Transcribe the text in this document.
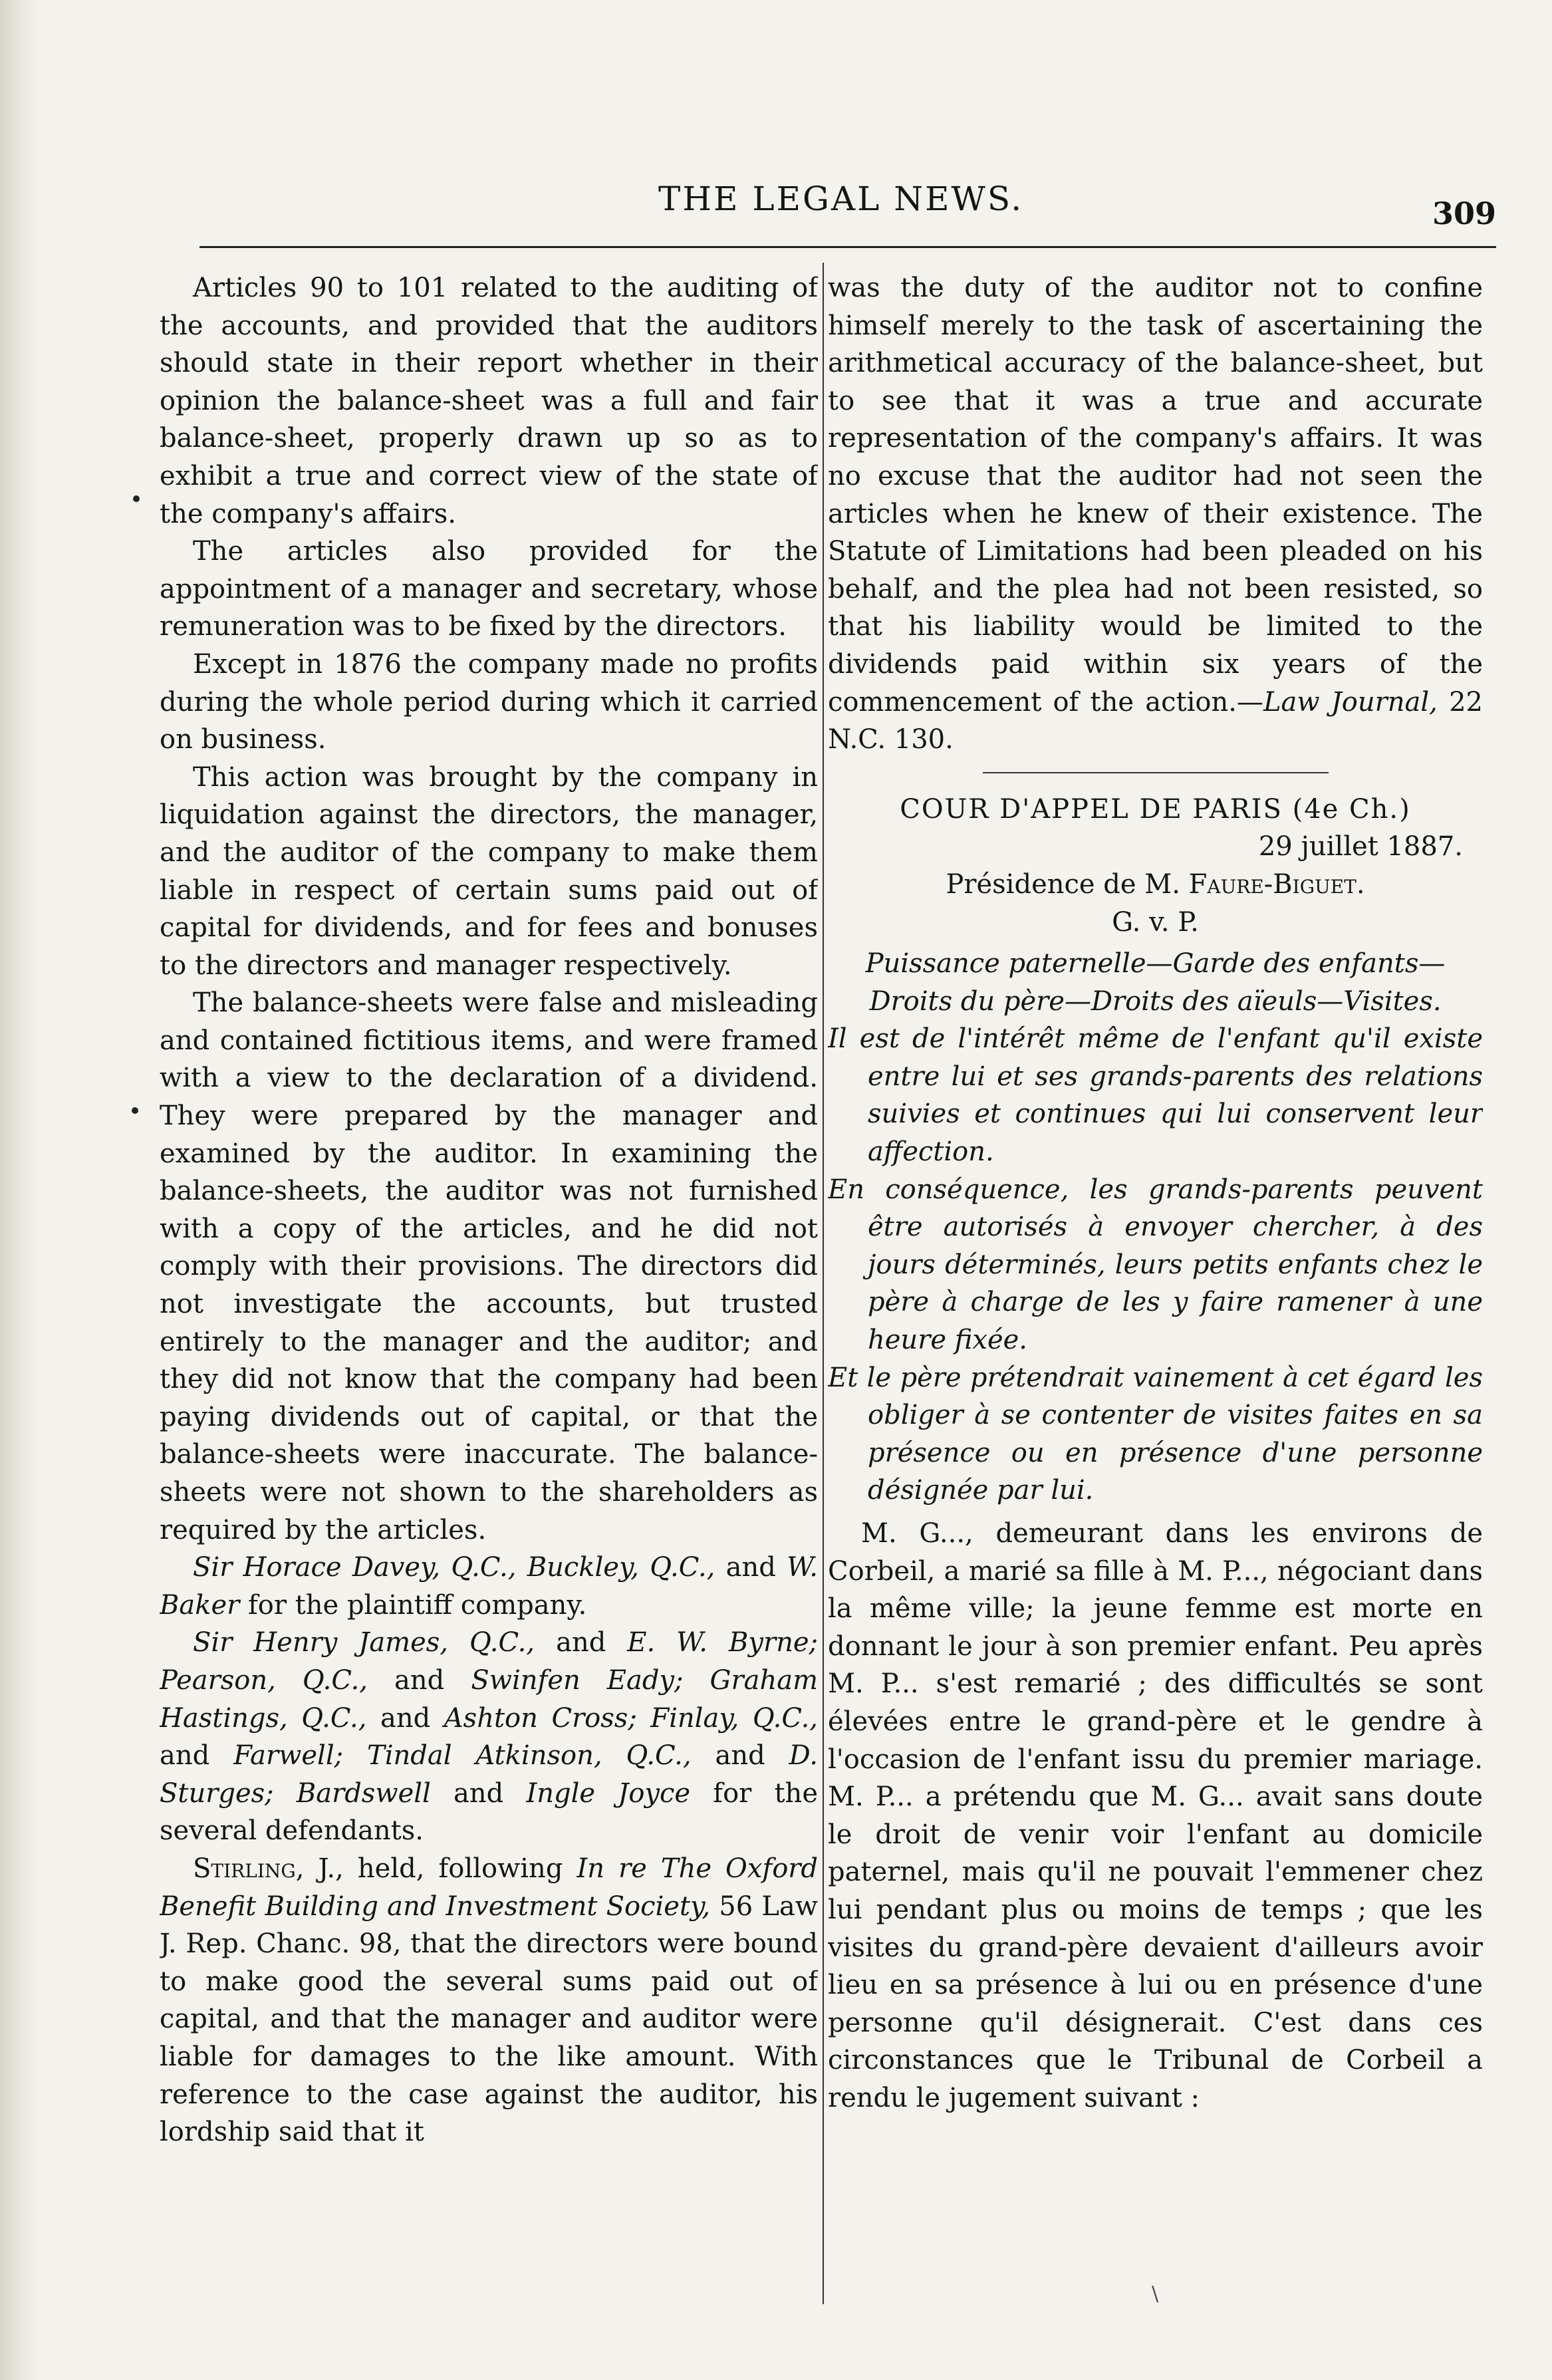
THE LEGAL NEWS.	309

Articles 90 to 101 related to the auditing of the accounts, and provided that the auditors should state in their report whether in their opinion the balance-sheet was a full and fair balance-sheet, properly drawn up so as to exhibit a true and correct view of the state of the company's affairs.

The articles also provided for the appointment of a manager and secretary, whose remuneration was to be fixed by the directors.

Except in 1876 the company made no profits during the whole period during which it carried on business.

This action was brought by the company in liquidation against the directors, the manager, and the auditor of the company to make them liable in respect of certain sums paid out of capital for dividends, and for fees and bonuses to the directors and manager respectively.

The balance-sheets were false and misleading and contained fictitious items, and were framed with a view to the declaration of a dividend. They were prepared by the manager and examined by the auditor. In examining the balance-sheets, the auditor was not furnished with a copy of the articles, and he did not comply with their provisions. The directors did not investigate the accounts, but trusted entirely to the manager and the auditor; and they did not know that the company had been paying dividends out of capital, or that the balance-sheets were inaccurate. The balance-sheets were not shown to the shareholders as required by the articles.

Sir Horace Davey, Q.C., Buckley, Q.C., and W. Baker for the plaintiff company.

Sir Henry James, Q.C., and E. W. Byrne; Pearson, Q.C., and Swinfen Eady; Graham Hastings, Q.C., and Ashton Cross; Finlay, Q.C., and Farwell; Tindal Atkinson, Q.C., and D. Sturges; Bardswell and Ingle Joyce for the several defendants.

Stirling, J., held, following In re The Oxford Benefit Building and Investment Society, 56 Law J. Rep. Chanc. 98, that the directors were bound to make good the several sums paid out of capital, and that the manager and auditor were liable for damages to the like amount. With reference to the case against the auditor, his lordship said that it

was the duty of the auditor not to confine himself merely to the task of ascertaining the arithmetical accuracy of the balance-sheet, but to see that it was a true and accurate representation of the company's affairs. It was no excuse that the auditor had not seen the articles when he knew of their existence. The Statute of Limitations had been pleaded on his behalf, and the plea had not been resisted, so that his liability would be limited to the dividends paid within six years of the commencement of the action.—Law Journal, 22 N.C. 130.

COUR D'APPEL DE PARIS (4e Ch.)

29 juillet 1887.

Présidence de M. Faure-Biguet.

G. v. P.

Puissance paternelle—Garde des enfants—Droits du père—Droits des aïeuls—Visites.

Il est de l'intérêt même de l'enfant qu'il existe entre lui et ses grands-parents des relations suivies et continues qui lui conservent leur affection.

En conséquence, les grands-parents peuvent être autorisés à envoyer chercher, à des jours déterminés, leurs petits enfants chez le père à charge de les y faire ramener à une heure fixée.

Et le père prétendrait vainement à cet égard les obliger à se contenter de visites faites en sa présence ou en présence d'une personne désignée par lui.

M. G..., demeurant dans les environs de Corbeil, a marié sa fille à M. P..., négociant dans la même ville; la jeune femme est morte en donnant le jour à son premier enfant. Peu après M. P... s'est remarié ; des difficultés se sont élevées entre le grand-père et le gendre à l'occasion de l'enfant issu du premier mariage. M. P... a prétendu que M. G... avait sans doute le droit de venir voir l'enfant au domicile paternel, mais qu'il ne pouvait l'emmener chez lui pendant plus ou moins de temps ; que les visites du grand-père devaient d'ailleurs avoir lieu en sa présence à lui ou en présence d'une personne qu'il désignerait. C'est dans ces circonstances que le Tribunal de Corbeil a rendu le jugement suivant :

\
